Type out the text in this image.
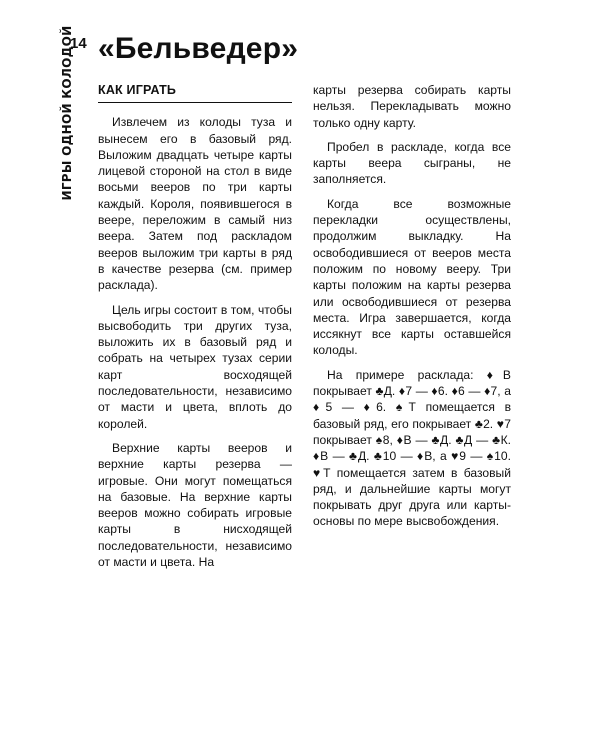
14
ИГРЫ ОДНОЙ КОЛОДОЙ «Бельведер»
КАК ИГРАТЬ

Извлечем из колоды туза и вынесем его в базовый ряд. Выложим двадцать четыре карты лицевой стороной на стол в виде восьми вееров по три карты каждый. Короля, появившегося в веере, переложим в самый низ веера. Затем под раскладом вееров выложим три карты в ряд в качестве резерва (см. пример расклада).

Цель игры состоит в том, чтобы высвободить три других туза, выложить их в базовый ряд и собрать на четырех тузах серии карт восходящей последовательности, независимо от масти и цвета, вплоть до королей.

Верхние карты вееров и верхние карты резерва — игровые. Они могут помещаться на базовые. На верхние карты вееров можно собирать игровые карты в нисходящей последовательности, независимо от масти и цвета. На

карты резерва собирать карты нельзя. Перекладывать можно только одну карту.

Пробел в раскладе, когда все карты веера сыграны, не заполняется.

Когда все возможные перекладки осуществлены, продолжим выкладку. На освободившиеся от вееров места положим по новому вееру. Три карты положим на карты резерва или освободившиеся от резерва места. Игра завершается, когда иссякнут все карты оставшейся колоды.

На примере расклада: ♦В покрывает ♣Д. ♦7 — ♦6. ♦6 — ♦7, а ♦5 — ♦6. ♠Т помещается в базовый ряд, его покрывает ♣2. ♥7 покрывает ♠8, ♦В — ♣Д. ♣Д — ♣К. ♦В — ♣Д. ♣10 — ♦В, а ♥9 — ♠10. ♥Т помещается затем в базовый ряд, и дальнейшие карты могут покрывать друг друга или карты-основы по мере высвобождения.
